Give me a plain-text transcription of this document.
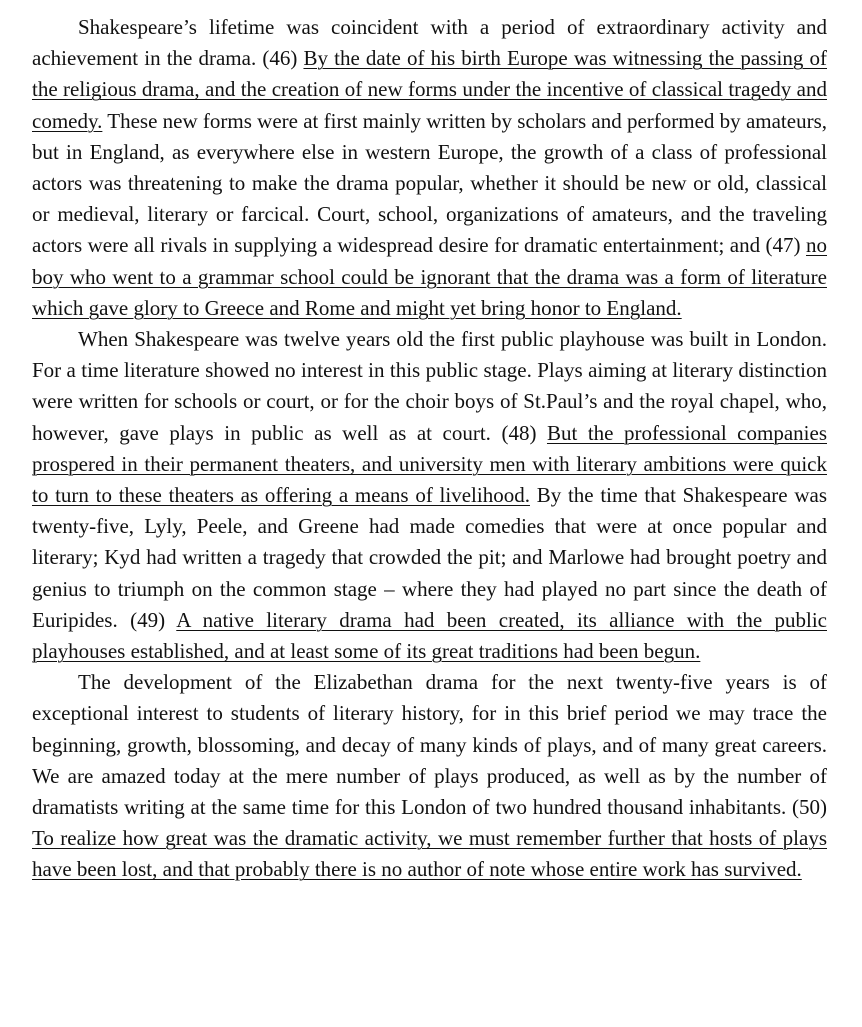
Shakespeare’s lifetime was coincident with a period of extraordinary activity and achievement in the drama. (46) By the date of his birth Europe was witnessing the passing of the religious drama, and the creation of new forms under the incentive of classical tragedy and comedy. These new forms were at first mainly written by scholars and performed by amateurs, but in England, as everywhere else in western Europe, the growth of a class of professional actors was threatening to make the drama popular, whether it should be new or old, classical or medieval, literary or farcical. Court, school, organizations of amateurs, and the traveling actors were all rivals in supplying a widespread desire for dramatic entertainment; and (47) no boy who went to a grammar school could be ignorant that the drama was a form of literature which gave glory to Greece and Rome and might yet bring honor to England.

When Shakespeare was twelve years old the first public playhouse was built in London. For a time literature showed no interest in this public stage. Plays aiming at literary distinction were written for schools or court, or for the choir boys of St.Paul’s and the royal chapel, who, however, gave plays in public as well as at court. (48) But the professional companies prospered in their permanent theaters, and university men with literary ambitions were quick to turn to these theaters as offering a means of livelihood. By the time that Shakespeare was twenty-five, Lyly, Peele, and Greene had made comedies that were at once popular and literary; Kyd had written a tragedy that crowded the pit; and Marlowe had brought poetry and genius to triumph on the common stage – where they had played no part since the death of Euripides. (49) A native literary drama had been created, its alliance with the public playhouses established, and at least some of its great traditions had been begun.

The development of the Elizabethan drama for the next twenty-five years is of exceptional interest to students of literary history, for in this brief period we may trace the beginning, growth, blossoming, and decay of many kinds of plays, and of many great careers. We are amazed today at the mere number of plays produced, as well as by the number of dramatists writing at the same time for this London of two hundred thousand inhabitants. (50) To realize how great was the dramatic activity, we must remember further that hosts of plays have been lost, and that probably there is no author of note whose entire work has survived.
